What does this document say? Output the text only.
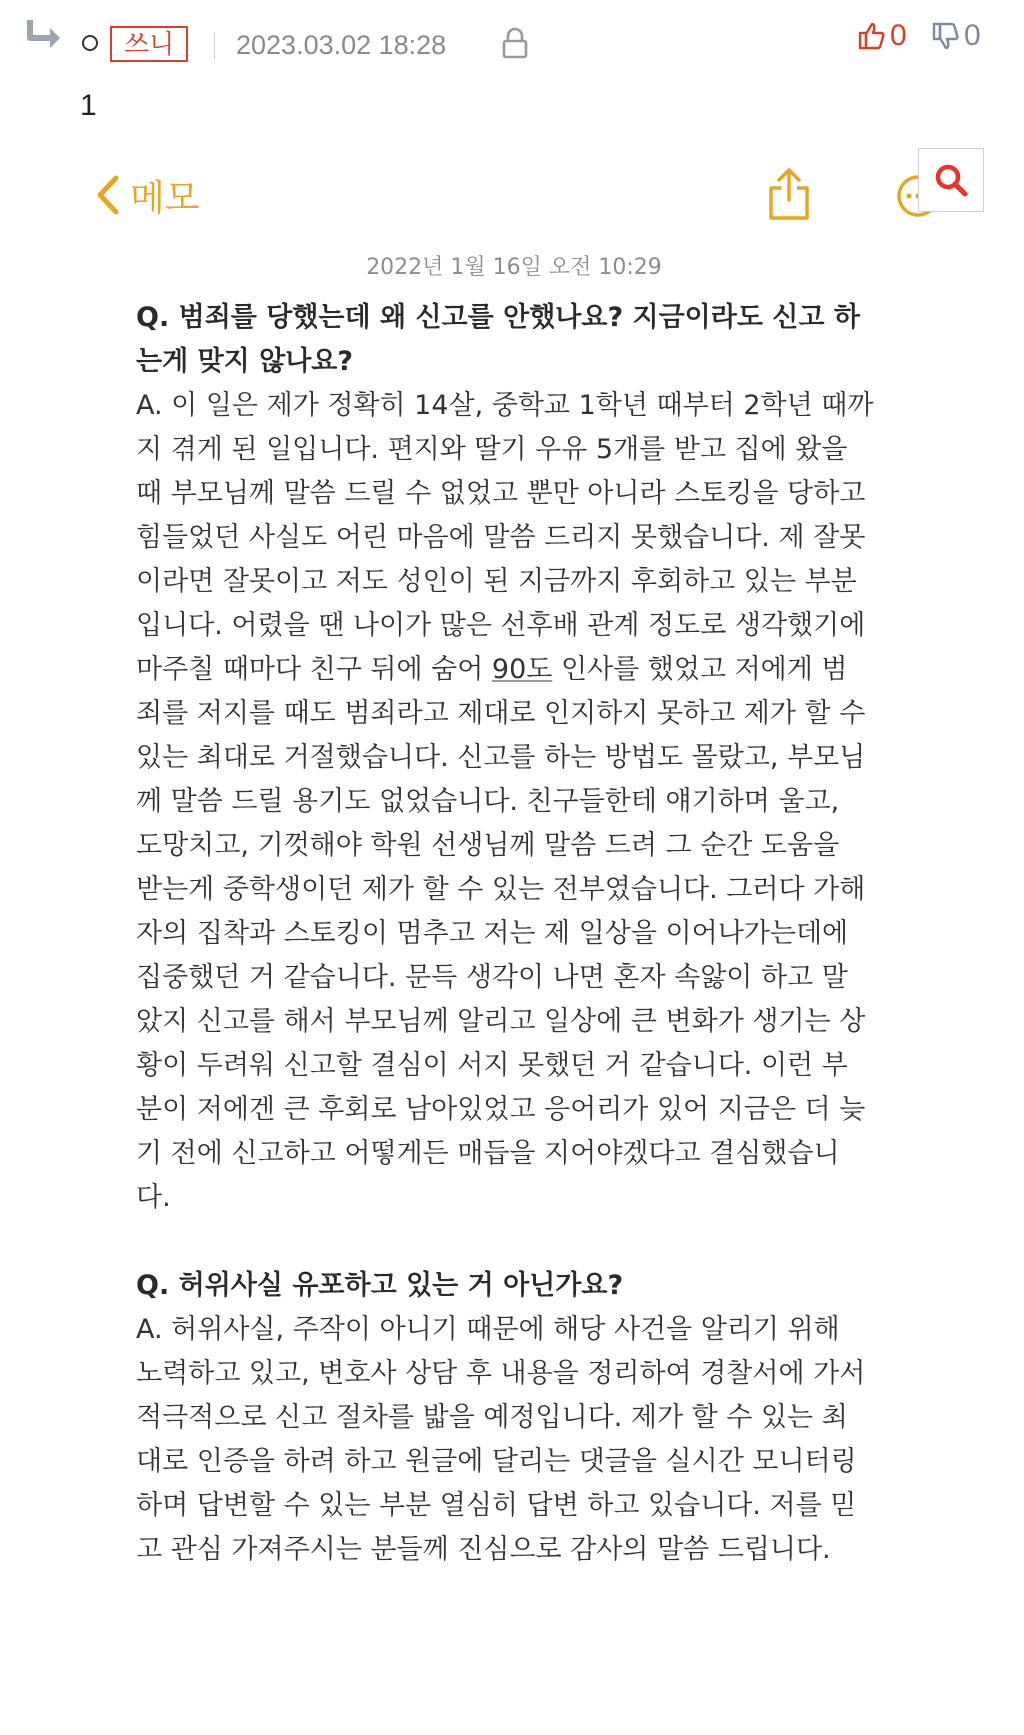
쓰니	2023.03.02 18:28	0 0
1
메모
2022년 1월 16일 오전 10:29

Q. 범죄를 당했는데 왜 신고를 안했나요? 지금이라도 신고 하
는게 맞지 않나요?

A. 이 일은 제가 정확히 14살, 중학교 1학년 때부터 2학년 때까
지 겪게 된 일입니다. 편지와 딸기 우유 5개를 받고 집에 왔을
때 부모님께 말씀 드릴 수 없었고 뿐만 아니라 스토킹을 당하고
힘들었던 사실도 어린 마음에 말씀 드리지 못했습니다. 제 잘못
이라면 잘못이고 저도 성인이 된 지금까지 후회하고 있는 부분
입니다. 어렸을 땐 나이가 많은 선후배 관계 정도로 생각했기에
마주칠 때마다 친구 뒤에 숨어 90도 인사를 했었고 저에게 범
죄를 저지를 때도 범죄라고 제대로 인지하지 못하고 제가 할 수
있는 최대로 거절했습니다. 신고를 하는 방법도 몰랐고, 부모님
께 말씀 드릴 용기도 없었습니다. 친구들한테 얘기하며 울고,
도망치고, 기껏해야 학원 선생님께 말씀 드려 그 순간 도움을
받는게 중학생이던 제가 할 수 있는 전부였습니다. 그러다 가해
자의 집착과 스토킹이 멈추고 저는 제 일상을 이어나가는데에
집중했던 거 같습니다. 문득 생각이 나면 혼자 속앓이 하고 말
았지 신고를 해서 부모님께 알리고 일상에 큰 변화가 생기는 상
황이 두려워 신고할 결심이 서지 못했던 거 같습니다. 이런 부
분이 저에겐 큰 후회로 남아있었고 응어리가 있어 지금은 더 늦
기 전에 신고하고 어떻게든 매듭을 지어야겠다고 결심했습니
다.

Q. 허위사실 유포하고 있는 거 아닌가요?

A. 허위사실, 주작이 아니기 때문에 해당 사건을 알리기 위해
노력하고 있고, 변호사 상담 후 내용을 정리하여 경찰서에 가서
적극적으로 신고 절차를 밟을 예정입니다. 제가 할 수 있는 최
대로 인증을 하려 하고 원글에 달리는 댓글을 실시간 모니터링
하며 답변할 수 있는 부분 열심히 답변 하고 있습니다. 저를 믿
고 관심 가져주시는 분들께 진심으로 감사의 말씀 드립니다.
